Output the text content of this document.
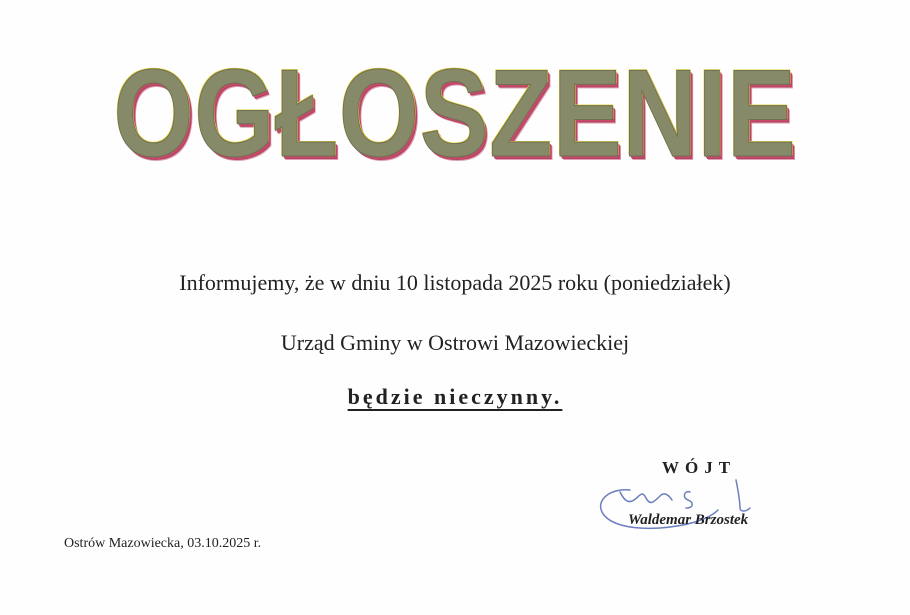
OGŁOSZENIE
Informujemy, że w dniu 10 listopada 2025 roku (poniedziałek)
Urząd Gminy w Ostrowi Mazowieckiej
będzie nieczynny.
WÓJT
Waldemar Brzostek
Ostrów Mazowiecka, 03.10.2025 r.
